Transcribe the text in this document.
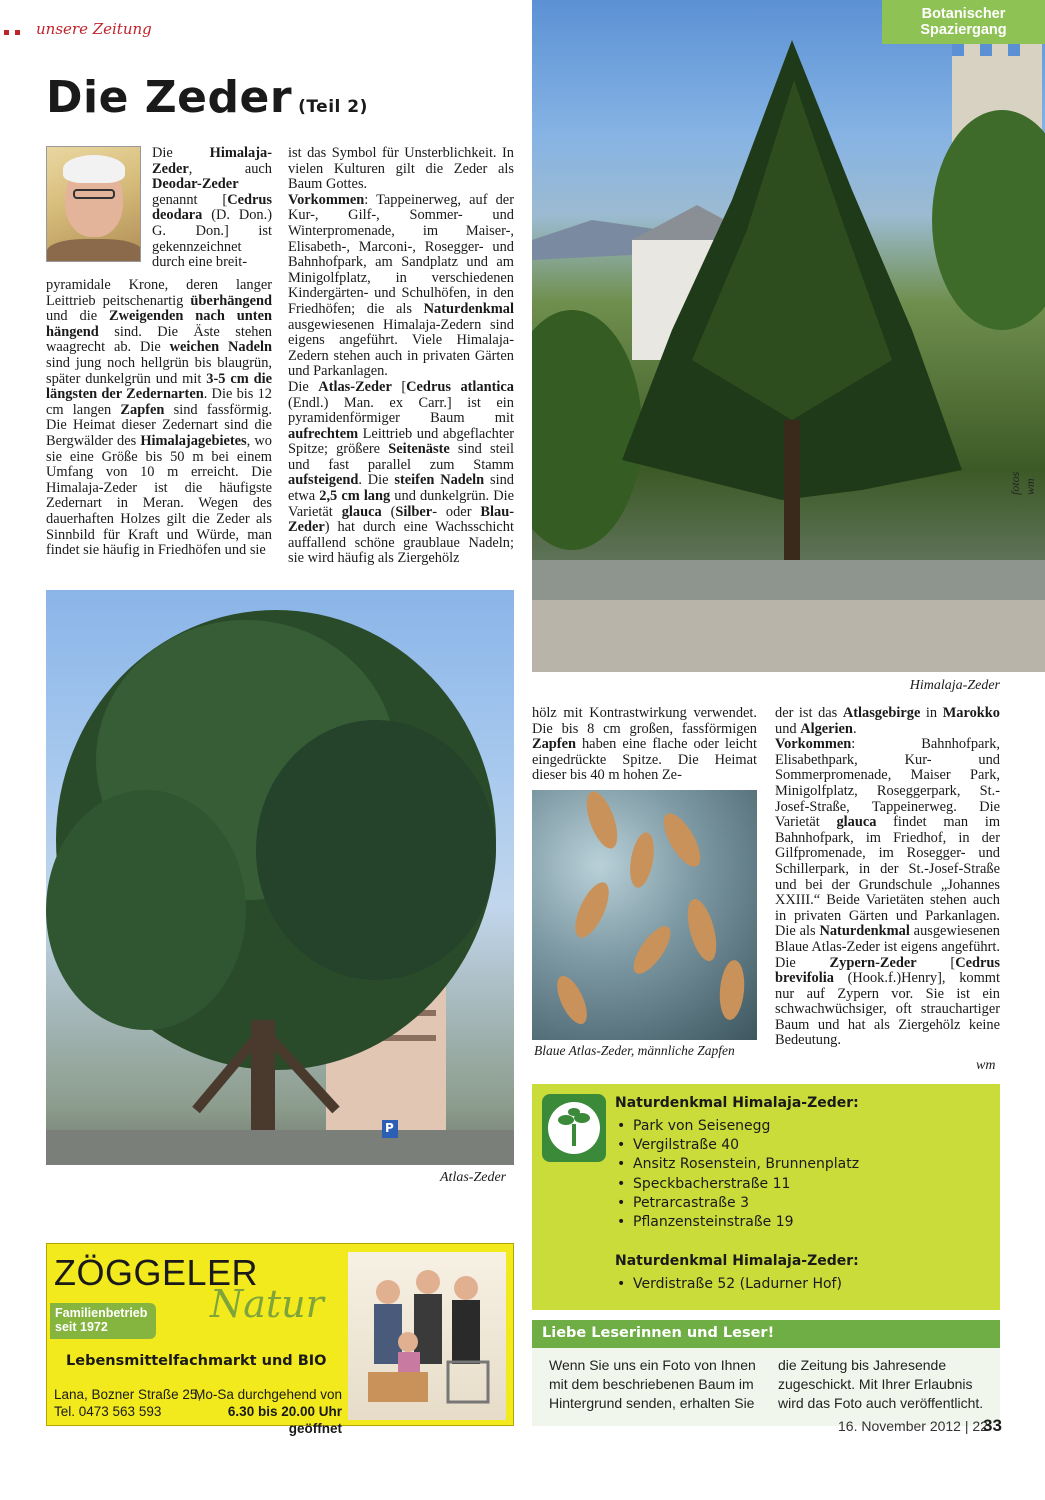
unsere Zeitung
Die Zeder (Teil 2)
Die Himalaja-Zeder, auch Deodar-Zeder genannt [Cedrus deodara (D. Don.) G. Don.] ist gekennzeichnet durch eine breit-
pyramidale Krone, deren langer Leittrieb peitschenartig überhängend und die Zweigenden nach unten hängend sind. Die Äste stehen waagrecht ab. Die weichen Nadeln sind jung noch hellgrün bis blaugrün, später dunkelgrün und mit 3-5 cm die längsten der Zedernarten. Die bis 12 cm langen Zapfen sind fassförmig. Die Heimat dieser Zedernart sind die Bergwälder des Himalajagebietes, wo sie eine Größe bis 50 m bei einem Umfang von 10 m erreicht. Die Himalaja-Zeder ist die häufigste Zedernart in Meran. Wegen des dauerhaften Holzes gilt die Zeder als Sinnbild für Kraft und Würde, man findet sie häufig in Friedhöfen und sie
ist das Symbol für Unsterblichkeit. In vielen Kulturen gilt die Zeder als Baum Gottes.
Vorkommen: Tappeinerweg, auf der Kur-, Gilf-, Sommer- und Winterpromenade, im Maiser-, Elisabeth-, Marconi-, Rosegger- und Bahnhofpark, am Sandplatz und am Minigolfplatz, in verschiedenen Kindergärten- und Schulhöfen, in den Friedhöfen; die als Naturdenkmal ausgewiesenen Himalaja-Zedern sind eigens angeführt. Viele Himalaja-Zedern stehen auch in privaten Gärten und Parkanlagen.
Die Atlas-Zeder [Cedrus atlantica (Endl.) Man. ex Carr.] ist ein pyramidenförmiger Baum mit aufrechtem Leittrieb und abgeflachter Spitze; größere Seitenäste sind steil und fast parallel zum Stamm aufsteigend. Die steifen Nadeln sind etwa 2,5 cm lang und dunkelgrün. Die Varietät glauca (Silber- oder Blau-Zeder) hat durch eine Wachsschicht auffallend schöne graublaue Nadeln; sie wird häufig als Ziergehölz
hölz mit Kontrastwirkung verwendet. Die bis 8 cm großen, fassförmigen Zapfen haben eine flache oder leicht eingedrückte Spitze. Die Heimat dieser bis 40 m hohen Ze-
der ist das Atlasgebirge in Marokko und Algerien.
Vorkommen: Bahnhofpark, Elisabethpark, Kur- und Sommerpromenade, Maiser Park, Minigolfplatz, Roseggerpark, St.-Josef-Straße, Tappeinerweg. Die Varietät glauca findet man im Bahnhofpark, im Friedhof, in der Gilfpromenade, im Rosegger- und Schillerpark, in der St.-Josef-Straße und bei der Grundschule „Johannes XXIII.“ Beide Varietäten stehen auch in privaten Gärten und Parkanlagen. Die als Naturdenkmal ausgewiesenen Blaue Atlas-Zeder ist eigens angeführt.
Die Zypern-Zeder [Cedrus brevifolia (Hook.f.)Henry], kommt nur auf Zypern vor. Sie ist ein schwachwüchsiger, oft strauchartiger Baum und hat als Ziergehölz keine Bedeutung.
wm
Botanischer Spaziergang
fotos wm
Himalaja-Zeder
P
Atlas-Zeder
Blaue Atlas-Zeder, männliche Zapfen
Naturdenkmal Himalaja-Zeder:
• Park von Seisenegg
• Vergilstraße 40
• Ansitz Rosenstein, Brunnenplatz
• Speckbacherstraße 11
• Petrarcastraße 3
• Pflanzensteinstraße 19
Naturdenkmal Himalaja-Zeder:
• Verdistraße 52 (Ladurner Hof)
Liebe Leserinnen und Leser!
Wenn Sie uns ein Foto von Ihnen mit dem beschriebenen Baum im Hintergrund senden, erhalten Sie
die Zeitung bis Jahresende zugeschickt. Mit Ihrer Erlaubnis wird das Foto auch veröffentlicht.
ZÖGGELER
Natur
Familienbetrieb
seit 1972
Lebensmittelfachmarkt und BIO
Lana, Bozner Straße 25,
Tel. 0473 563 593
Mo-Sa durchgehend von
6.30 bis 20.00 Uhr geöffnet	16. November 2012 | 22
33
